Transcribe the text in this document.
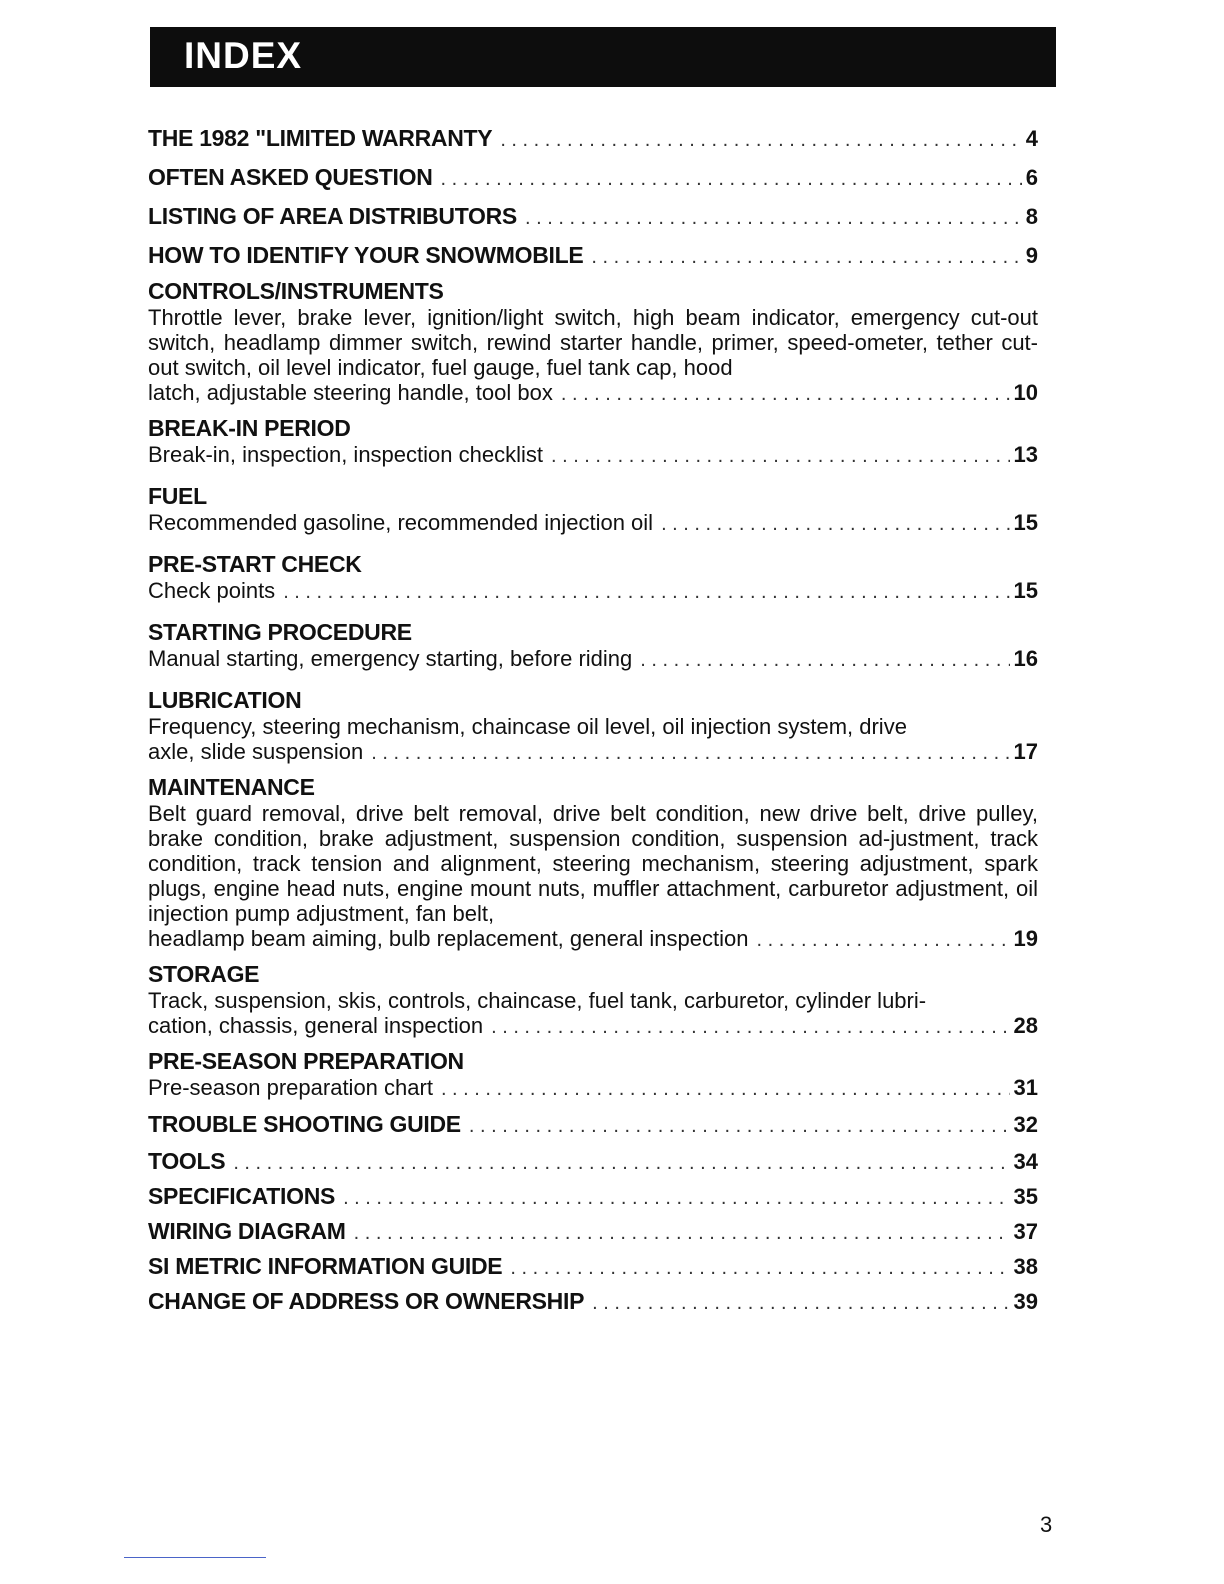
INDEX
THE 1982 "LIMITED WARRANTY . . .	4
OFTEN ASKED QUESTION . . .	6
LISTING OF AREA DISTRIBUTORS . . .	8
HOW TO IDENTIFY YOUR SNOWMOBILE . . .	9
CONTROLS/INSTRUMENTS
Throttle lever, brake lever, ignition/light switch, high beam indicator, emergency cut-out switch, headlamp dimmer switch, rewind starter handle, primer, speed-ometer, tether cut-out switch, oil level indicator, fuel gauge, fuel tank cap, hood
latch, adjustable steering handle, tool box . . .	10
BREAK-IN PERIOD
Break-in, inspection, inspection checklist . . .	13
FUEL
Recommended gasoline, recommended injection oil . . .	15
PRE-START CHECK
Check points . . .	15
STARTING PROCEDURE
Manual starting, emergency starting, before riding . . .	16
LUBRICATION
Frequency, steering mechanism, chaincase oil level, oil injection system, drive
axle, slide suspension . . .	17
MAINTENANCE
Belt guard removal, drive belt removal, drive belt condition, new drive belt, drive pulley, brake condition, brake adjustment, suspension condition, suspension ad-justment, track condition, track tension and alignment, steering mechanism, steering adjustment, spark plugs, engine head nuts, engine mount nuts, muffler attachment, carburetor adjustment, oil injection pump adjustment, fan belt,
headlamp beam aiming, bulb replacement, general inspection . . .	19
STORAGE
Track, suspension, skis, controls, chaincase, fuel tank, carburetor, cylinder lubri-
cation, chassis, general inspection . . .	28
PRE-SEASON PREPARATION
Pre-season preparation chart . . .	31
TROUBLE SHOOTING GUIDE . . .	32
TOOLS . . .	34
SPECIFICATIONS . . .	35
WIRING DIAGRAM . . .	37
SI METRIC INFORMATION GUIDE . . .	38
CHANGE OF ADDRESS OR OWNERSHIP . . .	39
3
